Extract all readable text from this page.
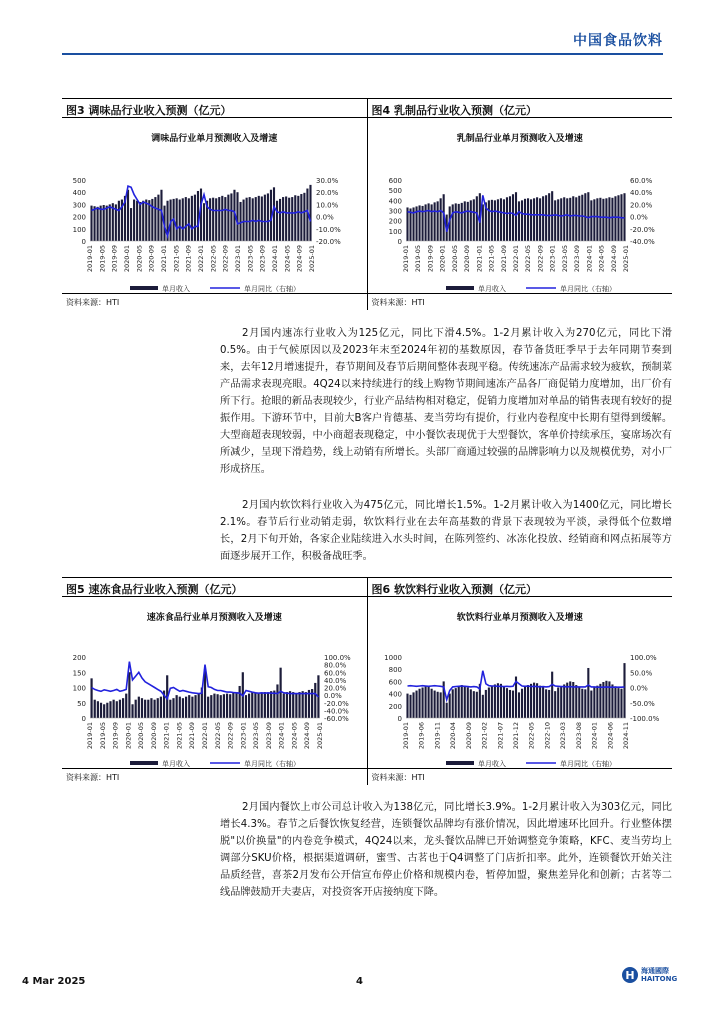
中国食品饮料
图3 调味品行业收入预测（亿元）	图4 乳制品行业收入预测（亿元）
调味品行业单月预测收入及增速
500
400
300
200
100
0
30.0%
20.0%
10.0%
0.0%
-10.0%
-20.0%
2019-01 2019-05 2019-09 2020-01 2020-05 2020-09 2021-01 2021-05 2021-09 2022-01 2022-05 2022-09 2023-01 2023-05 2023-09 2024-01 2024-05 2024-09 2025-01
单月收入	单月同比（右轴）
乳制品行业单月预测收入及增速
600
500
400
300
200
100
0
60.0%
40.0%
20.0%
0.0%
-20.0%
-40.0%
2019-01 2019-05 2019-09 2020-01 2020-05 2020-09 2021-01 2021-05 2021-09 2022-01 2022-05 2022-09 2023-01 2023-05 2023-09 2024-01 2024-05 2024-09 2025-01
单月收入	单月同比（右轴）
资料来源：HTI	资料来源：HTI
2月国内速冻行业收入为125亿元，同比下滑4.5%。1-2月累计收入为270亿元，同比下滑0.5%。由于气候原因以及2023年末至2024年初的基数原因，春节备货旺季早于去年同期节奏到来，去年12月增速提升，春节期间及春节后期间整体表现平稳。传统速冻产品需求较为疲软，预制菜产品需求表现亮眼。4Q24以来持续进行的线上购物节期间速冻产品各厂商促销力度增加，出厂价有所下行。抢眼的新品表现较少，行业产品结构相对稳定，促销力度增加对单品的销售表现有较好的提振作用。下游环节中，目前大B客户肯德基、麦当劳均有提价，行业内卷程度中长期有望得到缓解。大型商超表现较弱，中小商超表现稳定，中小餐饮表现优于大型餐饮，客单价持续承压，宴席场次有所减少，呈现下滑趋势，线上动销有所增长。头部厂商通过较强的品牌影响力以及规模优势，对小厂形成挤压。
2月国内软饮料行业收入为475亿元，同比增长1.5%。1-2月累计收入为1400亿元，同比增长2.1%。春节后行业动销走弱，软饮料行业在去年高基数的背景下表现较为平淡，录得低个位数增长，2月下旬开始，各家企业陆续进入水头时间，在陈列签约、冰冻化投放、经销商和网点拓展等方面逐步展开工作，积极备战旺季。
图5 速冻食品行业收入预测（亿元）	图6 软饮料行业收入预测（亿元）
速冻食品行业单月预测收入及增速
200
150
100
50
0
100.0%
80.0%
60.0%
40.0%
20.0%
0.0%
-20.0%
-40.0%
-60.0%
2019-01 2019-05 2019-09 2020-01 2020-05 2020-09 2021-01 2021-05 2021-09 2022-01 2022-05 2022-09 2023-01 2023-05 2023-09 2024-01 2024-05 2024-09 2025-01
单月收入	单月同比（右轴）
软饮料行业单月预测收入及增速
1000
800
600
400
200
0
100.0%
50.0%
0.0%
-50.0%
-100.0%
2019-01 2019-06 2019-11 2020-04 2020-09 2021-02 2021-07 2021-12 2022-05 2022-10 2023-03 2023-08 2024-01 2024-06 2024-11
单月收入	单月同比（右轴）
资料来源：HTI	资料来源：HTI
2月国内餐饮上市公司总计收入为138亿元，同比增长3.9%。1-2月累计收入为303亿元，同比增长4.3%。春节之后餐饮恢复经营，连锁餐饮品牌均有涨价情况，因此增速环比回升。行业整体摆脱"以价换量"的内卷竞争模式，4Q24以来，龙头餐饮品牌已开始调整竞争策略，KFC、麦当劳均上调部分SKU价格，根据渠道调研，蜜雪、古茗也于Q4调整了门店折扣率。此外，连锁餐饮开始关注品质经营，喜茶2月发布公开信宣布停止价格和规模内卷，暂停加盟，聚焦差异化和创新；古茗等二线品牌鼓励开夫妻店，对投资客开店接纳度下降。
4 Mar 2025	4	H 海通國際
HAITONG
